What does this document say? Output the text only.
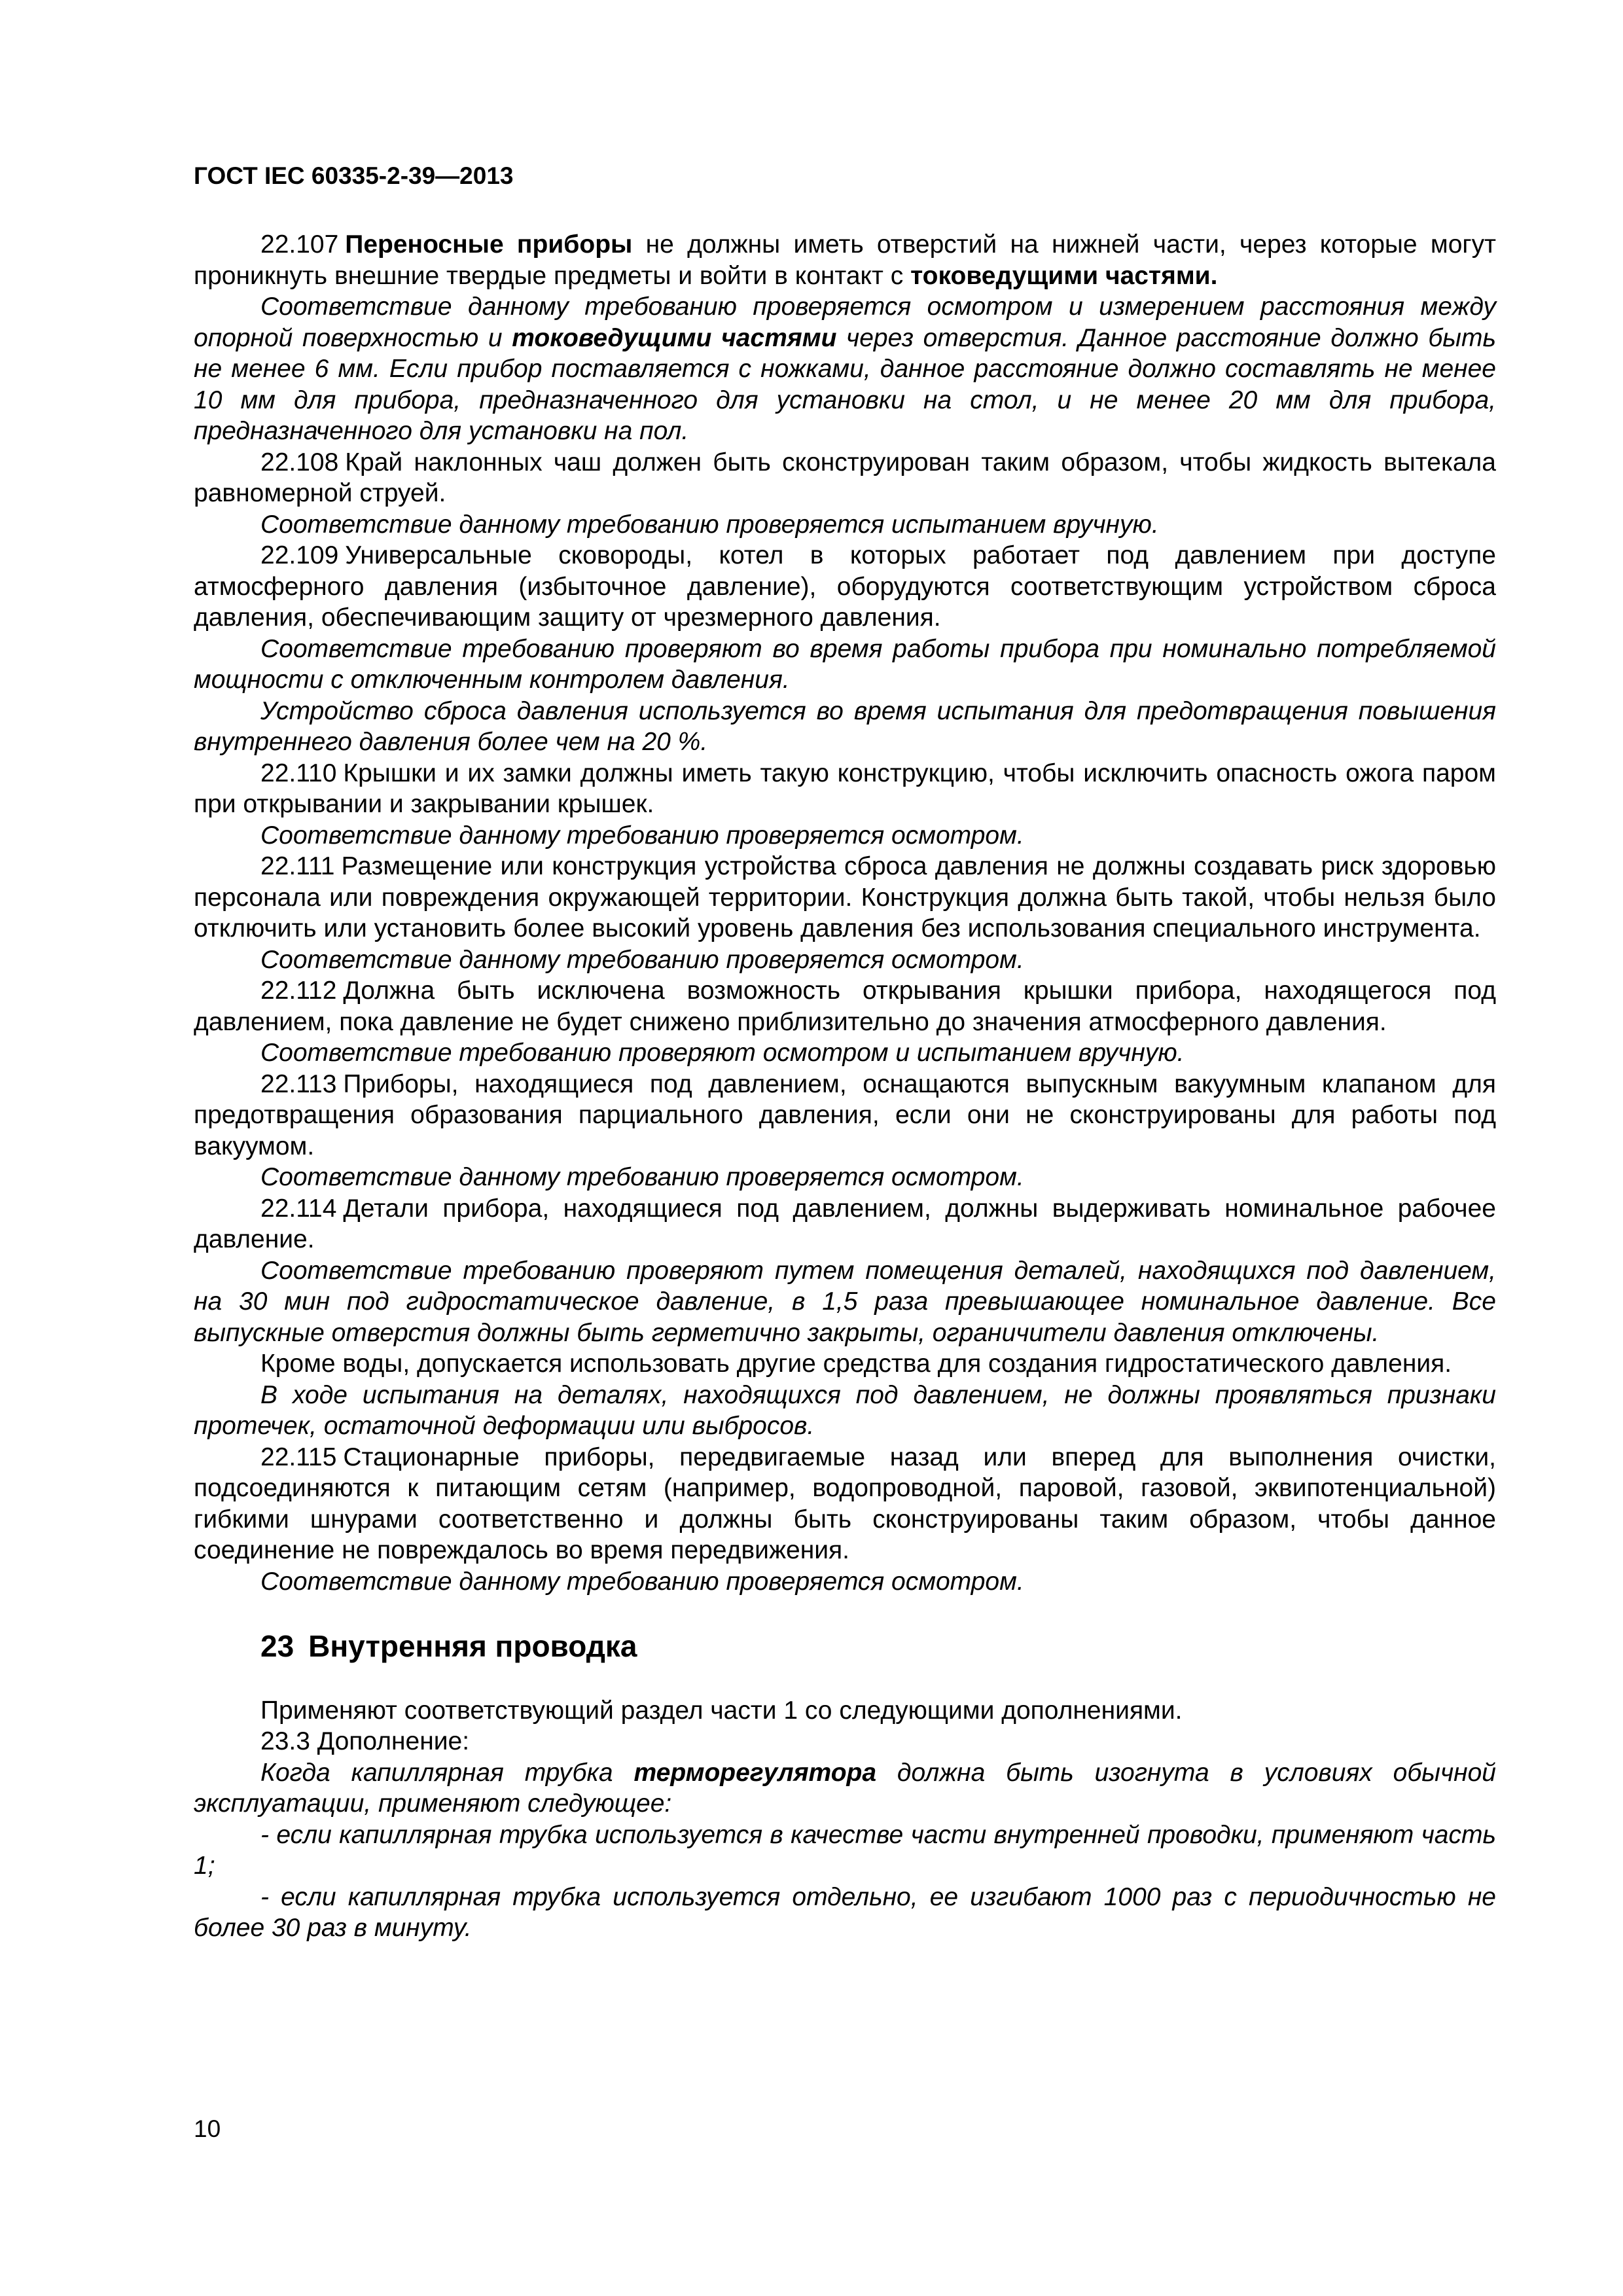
ГОСТ IEC 60335-2-39—2013

22.107 Переносные приборы не должны иметь отверстий на нижней части, через которые могут проникнуть внешние твердые предметы и войти в контакт с токоведущими частями.

Соответствие данному требованию проверяется осмотром и измерением расстояния между опорной поверхностью и токоведущими частями через отверстия. Данное расстояние должно быть не менее 6 мм. Если прибор поставляется с ножками, данное расстояние должно составлять не менее 10 мм для прибора, предназначенного для установки на стол, и не менее 20 мм для прибора, предназначенного для установки на пол.

22.108 Край наклонных чаш должен быть сконструирован таким образом, чтобы жидкость вытекала равномерной струей.

Соответствие данному требованию проверяется испытанием вручную.

22.109 Универсальные сковороды, котел в которых работает под давлением при доступе атмосферного давления (избыточное давление), оборудуются соответствующим устройством сброса давления, обеспечивающим защиту от чрезмерного давления.

Соответствие требованию проверяют во время работы прибора при номинально потребляемой мощности с отключенным контролем давления.

Устройство сброса давления используется во время испытания для предотвращения повышения внутреннего давления более чем на 20 %.

22.110 Крышки и их замки должны иметь такую конструкцию, чтобы исключить опасность ожога паром при открывании и закрывании крышек.

Соответствие данному требованию проверяется осмотром.

22.111 Размещение или конструкция устройства сброса давления не должны создавать риск здоровью персонала или повреждения окружающей территории. Конструкция должна быть такой, чтобы нельзя было отключить или установить более высокий уровень давления без использования специального инструмента.

Соответствие данному требованию проверяется осмотром.

22.112 Должна быть исключена возможность открывания крышки прибора, находящегося под давлением, пока давление не будет снижено приблизительно до значения атмосферного давления.

Соответствие требованию проверяют осмотром и испытанием вручную.

22.113 Приборы, находящиеся под давлением, оснащаются выпускным вакуумным клапаном для предотвращения образования парциального давления, если они не сконструированы для работы под вакуумом.

Соответствие данному требованию проверяется осмотром.

22.114 Детали прибора, находящиеся под давлением, должны выдерживать номинальное рабочее давление.

Соответствие требованию проверяют путем помещения деталей, находящихся под давлением, на 30 мин под гидростатическое давление, в 1,5 раза превышающее номинальное давление. Все выпускные отверстия должны быть герметично закрыты, ограничители давления отключены.

Кроме воды, допускается использовать другие средства для создания гидростатического давления.

В ходе испытания на деталях, находящихся под давлением, не должны проявляться признаки протечек, остаточной деформации или выбросов.

22.115 Стационарные приборы, передвигаемые назад или вперед для выполнения очистки, подсоединяются к питающим сетям (например, водопроводной, паровой, газовой, эквипотенциальной) гибкими шнурами соответственно и должны быть сконструированы таким образом, чтобы данное соединение не повреждалось во время передвижения.

Соответствие данному требованию проверяется осмотром.

23 Внутренняя проводка

Применяют соответствующий раздел части 1 со следующими дополнениями.

23.3 Дополнение:

Когда капиллярная трубка терморегулятора должна быть изогнута в условиях обычной эксплуатации, применяют следующее:

- если капиллярная трубка используется в качестве части внутренней проводки, применяют часть 1;

- если капиллярная трубка используется отдельно, ее изгибают 1000 раз с периодичностью не более 30 раз в минуту.

10
